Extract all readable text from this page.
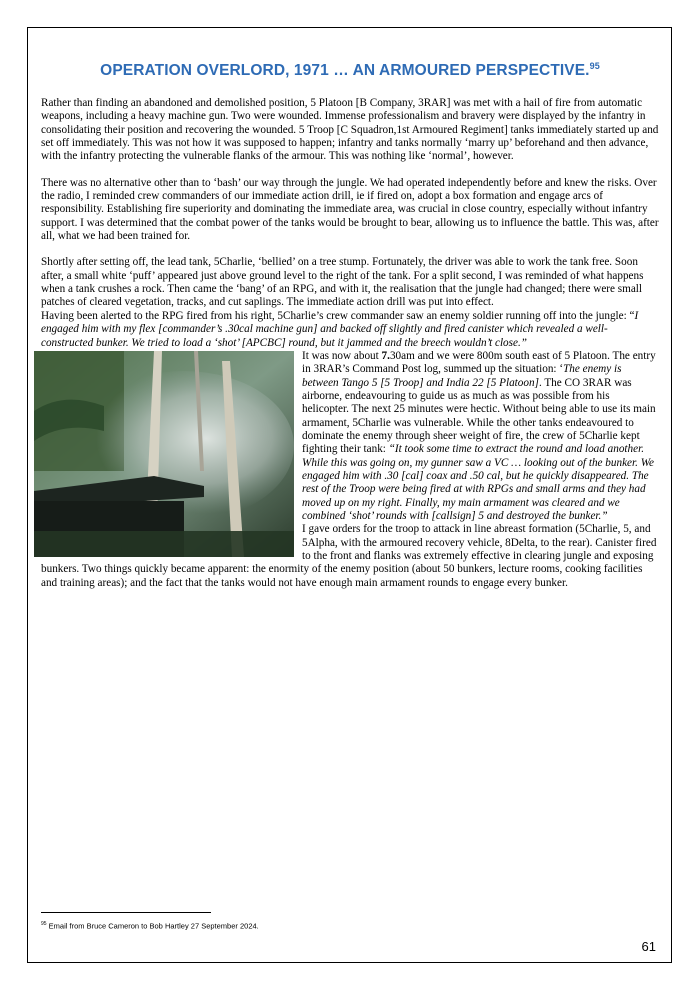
OPERATION OVERLORD, 1971 … AN ARMOURED PERSPECTIVE.$^{95}$

Rather than finding an abandoned and demolished position, 5 Platoon [B Company, 3RAR] was met with a hail of fire from automatic weapons, including a heavy machine gun. Two were wounded. Immense professionalism and bravery were displayed by the infantry in consolidating their position and recovering the wounded. 5 Troop [C Squadron,1st Armoured Regiment] tanks immediately started up and set off immediately. This was not how it was supposed to happen; infantry and tanks normally ‘marry up’ beforehand and then advance, with the infantry protecting the vulnerable flanks of the armour. This was nothing like ‘normal’, however.

There was no alternative other than to ‘bash’ our way through the jungle. We had operated independently before and knew the risks. Over the radio, I reminded crew commanders of our immediate action drill, ie if fired on, adopt a box formation and engage arcs of responsibility. Establishing fire superiority and dominating the immediate area, was crucial in close country, especially without infantry support. I was determined that the combat power of the tanks would be brought to bear, allowing us to influence the battle. This was, after all, what we had been trained for.

Shortly after setting off, the lead tank, 5Charlie, ‘bellied’ on a tree stump. Fortunately, the driver was able to work the tank free. Soon after, a small white ‘puff’ appeared just above ground level to the right of the tank. For a split second, I was reminded of what happens when a tank crushes a rock. Then came the ‘bang’ of an RPG, and with it, the realisation that the jungle had changed; there were small patches of cleared vegetation, tracks, and cut saplings. The immediate action drill was put into effect.

Having been alerted to the RPG fired from his right, 5Charlie’s crew commander saw an enemy soldier running off into the jungle: “I engaged him with my flex [commander’s .30cal machine gun] and backed off slightly and fired canister which revealed a well-constructed bunker. We tried to load a ‘shot’ [APCBC] round, but it jammed and the breech wouldn’t close.”

It was now about 7.30am and we were 800m south east of 5 Platoon. The entry in 3RAR’s Command Post log, summed up the situation: ‘The enemy is between Tango 5 [5 Troop] and India 22 [5 Platoon]. The CO 3RAR was airborne, endeavouring to guide us as much as was possible from his helicopter. The next 25 minutes were hectic. Without being able to use its main armament, 5Charlie was vulnerable. While the other tanks endeavoured to dominate the enemy through sheer weight of fire, the crew of 5Charlie kept fighting their tank: “It took some time to extract the round and load another. While this was going on, my gunner saw a VC … looking out of the bunker. We engaged him with .30 [cal] coax and .50 cal, but he quickly disappeared. The rest of the Troop were being fired at with RPGs and small arms and they had moved up on my right. Finally, my main armament was cleared and we combined ‘shot’ rounds with [callsign] 5 and destroyed the bunker.”

I gave orders for the troop to attack in line abreast formation (5Charlie, 5, and 5Alpha, with the armoured recovery vehicle, 8Delta, to the rear). Canister fired to the front and flanks was extremely effective in clearing jungle and exposing bunkers. Two things quickly became apparent: the enormity of the enemy position (about 50 bunkers, lecture rooms, cooking facilities and training areas); and the fact that the tanks would not have enough main armament rounds to engage every bunker.

$^{95}$ Email from Bruce Cameron to Bob Hartley 27 September 2024.
61
